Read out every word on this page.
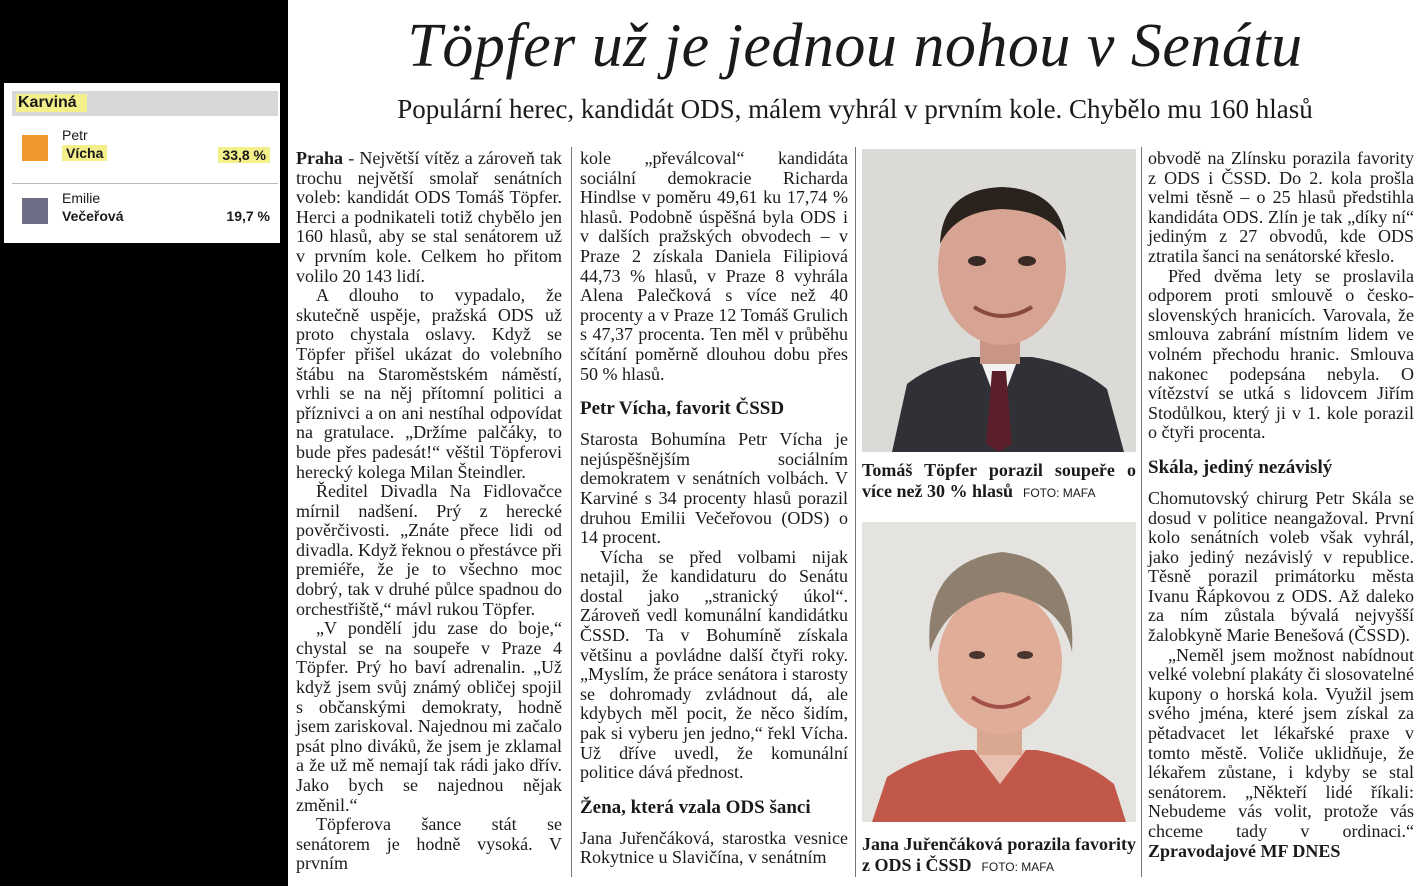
Karviná
Petr
Vícha	33,8 %
Emilie
Večeřová	19,7 %
Töpfer už je jednou nohou v Senátu
Populární herec, kandidát ODS, málem vyhrál v prvním kole. Chybělo mu 160 hlasů

Praha - Největší vítěz a zároveň tak trochu největší smolař senátních voleb: kandidát ODS Tomáš Töpfer. Herci a podnikateli totiž chybělo jen 160 hlasů, aby se stal senátorem už v prvním kole. Celkem ho přitom volilo 20 143 lidí.

A dlouho to vypadalo, že skutečně uspěje, pražská ODS už proto chystala oslavy. Když se Töpfer přišel ukázat do volebního štábu na Staroměstském náměstí, vrhli se na něj přítomní politici a příznivci a on ani nestíhal odpovídat na gratulace. „Držíme palčáky, to bude přes padesát!“ věštil Töpferovi herecký kolega Milan Šteindler.

Ředitel Divadla Na Fidlovačce mírnil nadšení. Prý z herecké pověrčivosti. „Znáte přece lidi od divadla. Když řeknou o přestávce při premiéře, že je to všechno moc dobrý, tak v druhé půlce spadnou do orchestřiště,“ mávl rukou Töpfer.

„V pondělí jdu zase do boje,“ chystal se na soupeře v Praze 4 Töpfer. Prý ho baví adrenalin. „Už když jsem svůj známý obličej spojil s občanskými demokraty, hodně jsem zariskoval. Najednou mi začalo psát plno diváků, že jsem je zklamal a že už mě nemají tak rádi jako dřív. Jako bych se najednou nějak změnil.“

Töpferova šance stát se senátorem je hodně vysoká. V prvním

kole „převálcoval“ kandidáta sociální demokracie Richarda Hindlse v poměru 49,61 ku 17,74 % hlasů. Podobně úspěšná byla ODS i v dalších pražských obvodech – v Praze 2 získala Daniela Filipiová 44,73 % hlasů, v Praze 8 vyhrála Alena Palečková s více než 40 procenty a v Praze 12 Tomáš Grulich s 47,37 procenta. Ten měl v průběhu sčítání poměrně dlouhou dobu přes 50 % hlasů.

Petr Vícha, favorit ČSSD

Starosta Bohumína Petr Vícha je nejúspěšnějším sociálním demokratem v senátních volbách. V Karviné s 34 procenty hlasů porazil druhou Emilii Večeřovou (ODS) o 14 procent.

Vícha se před volbami nijak netajil, že kandidaturu do Senátu dostal jako „stranický úkol“. Zároveň vedl komunální kandidátku ČSSD. Ta v Bohumíně získala většinu a povládne další čtyři roky. „Myslím, že práce senátora i starosty se dohromady zvládnout dá, ale kdybych měl pocit, že něco šidím, pak si vyberu jen jedno,“ řekl Vícha. Už dříve uvedl, že komunální politice dává přednost.

Žena, která vzala ODS šanci

Jana Juřenčáková, starostka vesnice Rokytnice u Slavičína, v senátním

Tomáš Töpfer porazil soupeře o více než 30 % hlasů FOTO: MAFA
Jana Juřenčáková porazila favority z ODS i ČSSD FOTO: MAFA

obvodě na Zlínsku porazila favority z ODS i ČSSD. Do 2. kola prošla velmi těsně – o 25 hlasů předstihla kandidáta ODS. Zlín je tak „díky ní“ jediným z 27 obvodů, kde ODS ztratila šanci na senátorské křeslo.

Před dvěma lety se proslavila odporem proti smlouvě o česko-slovenských hranicích. Varovala, že smlouva zabrání místním lidem ve volném přechodu hranic. Smlouva nakonec podepsána nebyla. O vítězství se utká s lidovcem Jiřím Stodůlkou, který ji v 1. kole porazil o čtyři procenta.

Skála, jediný nezávislý

Chomutovský chirurg Petr Skála se dosud v politice neangažoval. První kolo senátních voleb však vyhrál, jako jediný nezávislý v republice. Těsně porazil primátorku města Ivanu Řápkovou z ODS. Až daleko za ním zůstala bývalá nejvyšší žalobkyně Marie Benešová (ČSSD).

„Neměl jsem možnost nabídnout velké volební plakáty či slosovatelné kupony o horská kola. Využil jsem svého jména, které jsem získal za pětadvacet let lékařské praxe v tomto městě. Voliče uklidňuje, že lékařem zůstane, i kdyby se stal senátorem. „Někteří lidé říkali: Nebudeme vás volit, protože vás chceme tady v ordinaci.“ Zpravodajové MF DNES
